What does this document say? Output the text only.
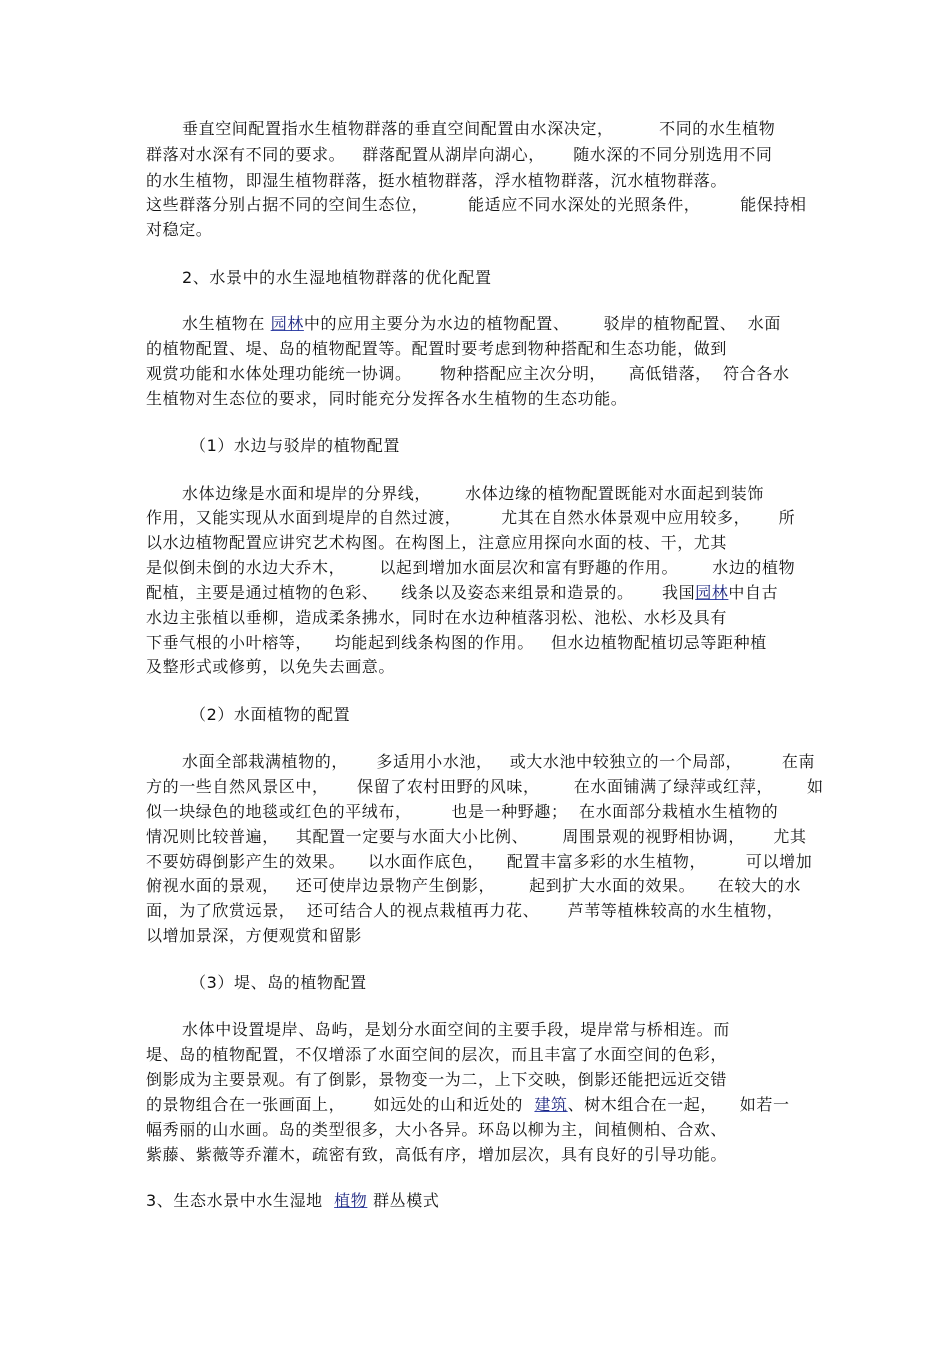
垂直空间配置指水生植物群落的垂直空间配置由水深决定，        不同的水生植物
群落对水深有不同的要求。   群落配置从湖岸向湖心，     随水深的不同分别选用不同
的水生植物，即湿生植物群落，挺水植物群落，浮水植物群落，沉水植物群落。
这些群落分别占据不同的空间生态位，       能适应不同水深处的光照条件，       能保持相
对稳定。
2、水景中的水生湿地植物群落的优化配置
水生植物在 园林中的应用主要分为水边的植物配置、      驳岸的植物配置、  水面
的植物配置、堤、岛的植物配置等。配置时要考虑到物种搭配和生态功能，做到
观赏功能和水体处理功能统一协调。     物种搭配应主次分明，    高低错落，  符合各水
生植物对生态位的要求，同时能充分发挥各水生植物的生态功能。
（1）水边与驳岸的植物配置
水体边缘是水面和堤岸的分界线，      水体边缘的植物配置既能对水面起到装饰
作用，又能实现从水面到堤岸的自然过渡，       尤其在自然水体景观中应用较多，     所
以水边植物配置应讲究艺术构图。在构图上，注意应用探向水面的枝、干，尤其
是似倒未倒的水边大乔木，      以起到增加水面层次和富有野趣的作用。      水边的植物
配植，主要是通过植物的色彩、    线条以及姿态来组景和造景的。     我国园林中自古
水边主张植以垂柳，造成柔条拂水，同时在水边种植落羽松、池松、水杉及具有
下垂气根的小叶榕等，    均能起到线条构图的作用。   但水边植物配植切忌等距种植
及整形式或修剪，以免失去画意。
（2）水面植物的配置
水面全部栽满植物的，     多适用小水池，   或大水池中较独立的一个局部，       在南
方的一些自然风景区中，     保留了农村田野的风味，      在水面铺满了绿萍或红萍，      如
似一块绿色的地毯或红色的平绒布，       也是一种野趣；  在水面部分栽植水生植物的
情况则比较普遍，   其配置一定要与水面大小比例、      周围景观的视野相协调，     尤其
不要妨碍倒影产生的效果。    以水面作底色，    配置丰富多彩的水生植物，       可以增加
俯视水面的景观，   还可使岸边景物产生倒影，      起到扩大水面的效果。    在较大的水
面，为了欣赏远景，  还可结合人的视点栽植再力花、     芦苇等植株较高的水生植物，
以增加景深，方便观赏和留影
（3）堤、岛的植物配置
水体中设置堤岸、岛屿，是划分水面空间的主要手段，堤岸常与桥相连。而
堤、岛的植物配置，不仅增添了水面空间的层次，而且丰富了水面空间的色彩，
倒影成为主要景观。有了倒影，景物变一为二，上下交映，倒影还能把远近交错
的景物组合在一张画面上，     如远处的山和近处的  建筑、树木组合在一起，    如若一
幅秀丽的山水画。岛的类型很多，大小各异。环岛以柳为主，间植侧柏、合欢、
紫藤、紫薇等乔灌木，疏密有致，高低有序，增加层次，具有良好的引导功能。
3、生态水景中水生湿地  植物 群丛模式
